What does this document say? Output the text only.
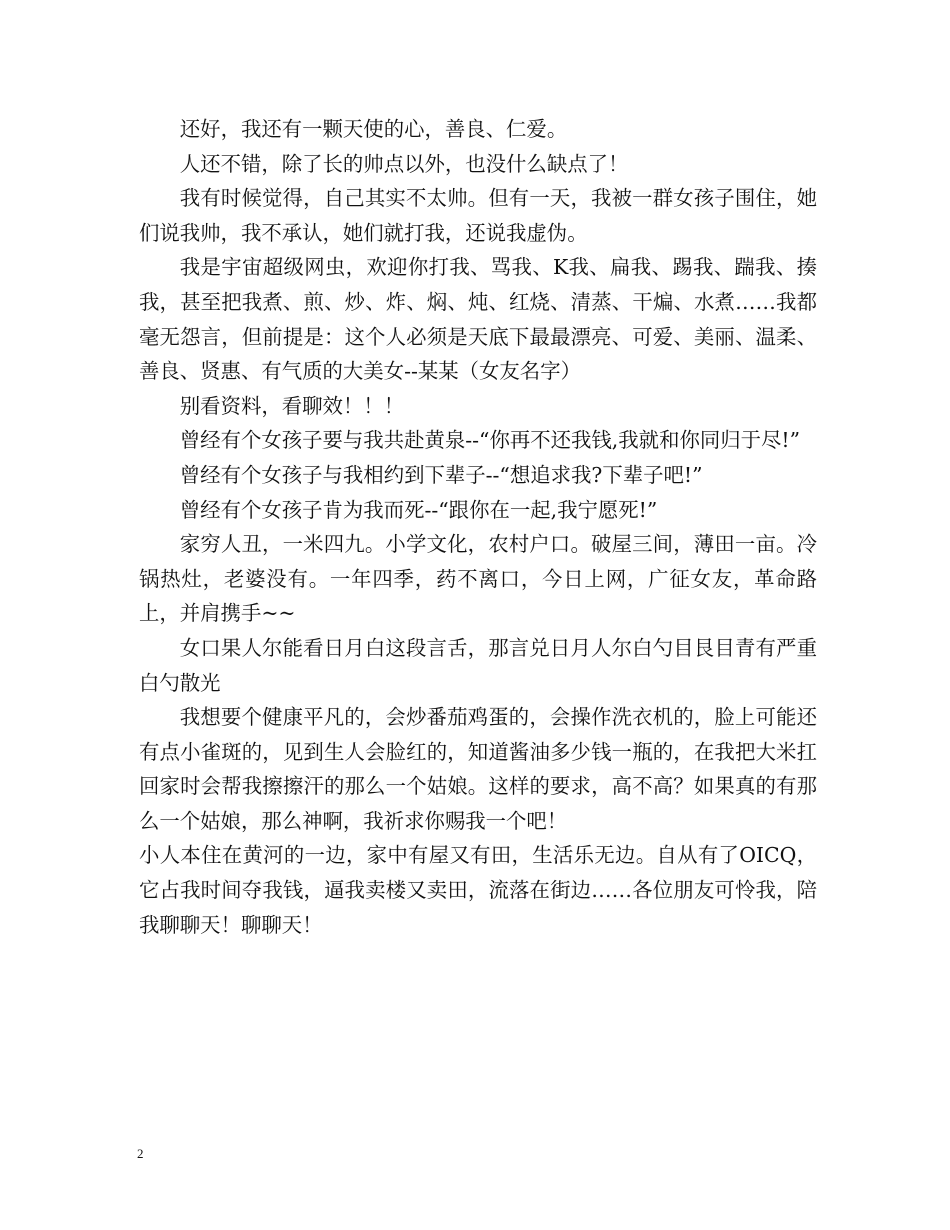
还好，我还有一颗天使的心，善良、仁爱。

人还不错，除了长的帅点以外，也没什么缺点了！

我有时候觉得，自己其实不太帅。但有一天，我被一群女孩子围住，她们说我帅，我不承认，她们就打我，还说我虚伪。

我是宇宙超级网虫，欢迎你打我、骂我、K我、扁我、踢我、踹我、揍我，甚至把我煮、煎、炒、炸、焖、炖、红烧、清蒸、干煸、水煮……我都毫无怨言，但前提是：这个人必须是天底下最最漂亮、可爱、美丽、温柔、善良、贤惠、有气质的大美女--某某（女友名字）

别看资料，看聊效！！！

曾经有个女孩子要与我共赴黄泉--“你再不还我钱,我就和你同归于尽!”

曾经有个女孩子与我相约到下辈子--“想追求我?下辈子吧!”

曾经有个女孩子肯为我而死--“跟你在一起,我宁愿死!”

家穷人丑，一米四九。小学文化，农村户口。破屋三间，薄田一亩。冷锅热灶，老婆没有。一年四季，药不离口，今日上网，广征女友，革命路上，并肩携手~~

女口果人尔能看日月白这段言舌，那言兑日月人尔白勺目艮目青有严重白勺散光

我想要个健康平凡的，会炒番茄鸡蛋的，会操作洗衣机的，脸上可能还有点小雀斑的，见到生人会脸红的，知道酱油多少钱一瓶的，在我把大米扛回家时会帮我擦擦汗的那么一个姑娘。这样的要求，高不高？如果真的有那么一个姑娘，那么神啊，我祈求你赐我一个吧！

小人本住在黄河的一边，家中有屋又有田，生活乐无边。自从有了OICQ，它占我时间夺我钱，逼我卖楼又卖田，流落在街边……各位朋友可怜我，陪我聊聊天！聊聊天！

2
